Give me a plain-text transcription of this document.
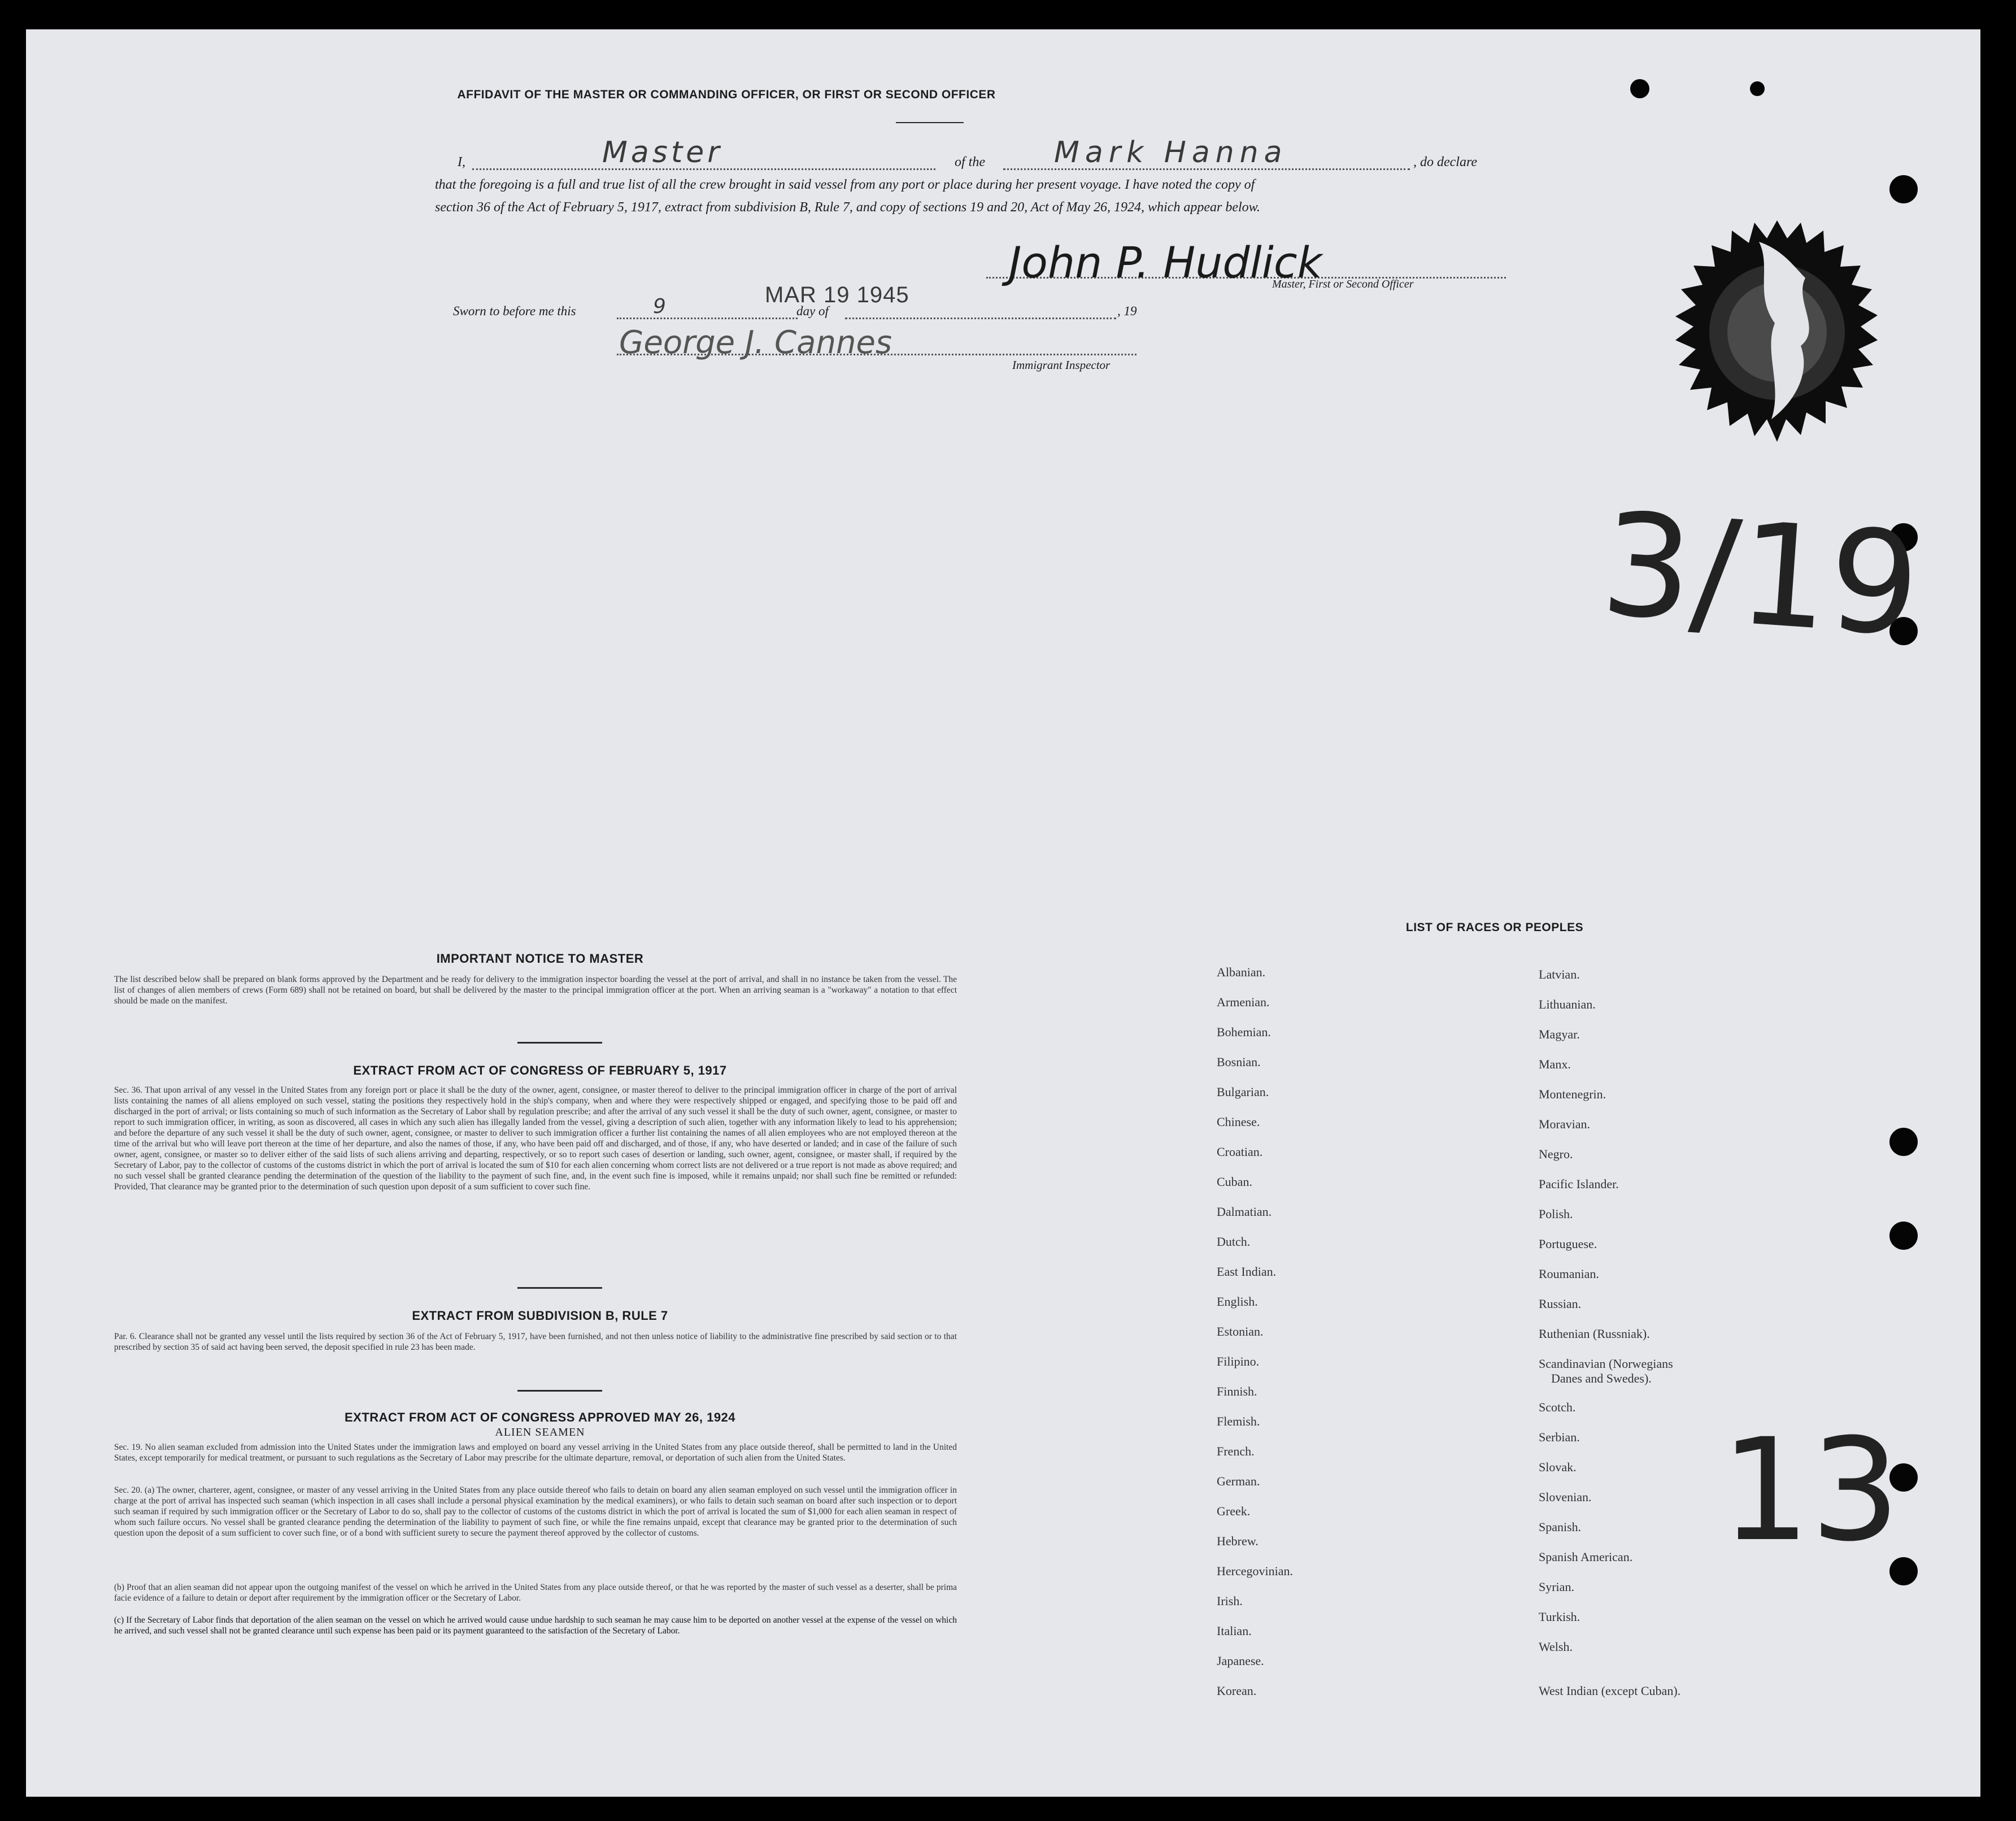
AFFIDAVIT OF THE MASTER OR COMMANDING OFFICER, OR FIRST OR SECOND OFFICER
I,	Master	of the Mark Hanna	, do declare
that the foregoing is a full and true list of all the crew brought in said vessel from any port or place during her present voyage. I have noted the copy of
section 36 of the Act of February 5, 1917, extract from subdivision B, Rule 7, and copy of sections 19 and 20, Act of May 26, 1924, which appear below.
John P. Hudlick
Master, First or Second Officer
Sworn to before me this	9	MAR 19 1945
day of	, 19
George J. Cannes
Immigrant Inspector
3/19
13
IMPORTANT NOTICE TO MASTER
The list described below shall be prepared on blank forms approved by the Department and be ready for delivery to the immigration inspector boarding the vessel at the port of arrival, and shall in no instance be taken from the vessel. The list of changes of alien members of crews (Form 689) shall not be retained on board, but shall be delivered by the master to the principal immigration officer at the port. When an arriving seaman is a "workaway" a notation to that effect should be made on the manifest.
EXTRACT FROM ACT OF CONGRESS OF FEBRUARY 5, 1917
Sec. 36. That upon arrival of any vessel in the United States from any foreign port or place it shall be the duty of the owner, agent, consignee, or master thereof to deliver to the principal immigration officer in charge of the port of arrival lists containing the names of all aliens employed on such vessel, stating the positions they respectively hold in the ship's company, when and where they were respectively shipped or engaged, and specifying those to be paid off and discharged in the port of arrival; or lists containing so much of such information as the Secretary of Labor shall by regulation prescribe; and after the arrival of any such vessel it shall be the duty of such owner, agent, consignee, or master to report to such immigration officer, in writing, as soon as discovered, all cases in which any such alien has illegally landed from the vessel, giving a description of such alien, together with any information likely to lead to his apprehension; and before the departure of any such vessel it shall be the duty of such owner, agent, consignee, or master to deliver to such immigration officer a further list containing the names of all alien employees who are not employed thereon at the time of the arrival but who will leave port thereon at the time of her departure, and also the names of those, if any, who have been paid off and discharged, and of those, if any, who have deserted or landed; and in case of the failure of such owner, agent, consignee, or master so to deliver either of the said lists of such aliens arriving and departing, respectively, or so to report such cases of desertion or landing, such owner, agent, consignee, or master shall, if required by the Secretary of Labor, pay to the collector of customs of the customs district in which the port of arrival is located the sum of $10 for each alien concerning whom correct lists are not delivered or a true report is not made as above required; and no such vessel shall be granted clearance pending the determination of the question of the liability to the payment of such fine, and, in the event such fine is imposed, while it remains unpaid; nor shall such fine be remitted or refunded: Provided, That clearance may be granted prior to the determination of such question upon deposit of a sum sufficient to cover such fine.
EXTRACT FROM SUBDIVISION B, RULE 7
Par. 6. Clearance shall not be granted any vessel until the lists required by section 36 of the Act of February 5, 1917, have been furnished, and not then unless notice of liability to the administrative fine prescribed by said section or to that prescribed by section 35 of said act having been served, the deposit specified in rule 23 has been made.
EXTRACT FROM ACT OF CONGRESS APPROVED MAY 26, 1924
ALIEN SEAMEN
Sec. 19. No alien seaman excluded from admission into the United States under the immigration laws and employed on board any vessel arriving in the United States from any place outside thereof, shall be permitted to land in the United States, except temporarily for medical treatment, or pursuant to such regulations as the Secretary of Labor may prescribe for the ultimate departure, removal, or deportation of such alien from the United States.
Sec. 20. (a) The owner, charterer, agent, consignee, or master of any vessel arriving in the United States from any place outside thereof who fails to detain on board any alien seaman employed on such vessel until the immigration officer in charge at the port of arrival has inspected such seaman (which inspection in all cases shall include a personal physical examination by the medical examiners), or who fails to detain such seaman on board after such inspection or to deport such seaman if required by such immigration officer or the Secretary of Labor to do so, shall pay to the collector of customs of the customs district in which the port of arrival is located the sum of $1,000 for each alien seaman in respect of whom such failure occurs. No vessel shall be granted clearance pending the determination of the liability to payment of such fine, or while the fine remains unpaid, except that clearance may be granted prior to the determination of such question upon the deposit of a sum sufficient to cover such fine, or of a bond with sufficient surety to secure the payment thereof approved by the collector of customs.
(b) Proof that an alien seaman did not appear upon the outgoing manifest of the vessel on which he arrived in the United States from any place outside thereof, or that he was reported by the master of such vessel as a deserter, shall be prima facie evidence of a failure to detain or deport after requirement by the immigration officer or the Secretary of Labor.
(c) If the Secretary of Labor finds that deportation of the alien seaman on the vessel on which he arrived would cause undue hardship to such seaman he may cause him to be deported on another vessel at the expense of the vessel on which he arrived, and such vessel shall not be granted clearance until such expense has been paid or its payment guaranteed to the satisfaction of the Secretary of Labor.
LIST OF RACES OR PEOPLES
Albanian.
Armenian.
Bohemian.
Bosnian.
Bulgarian.
Chinese.
Croatian.
Cuban.
Dalmatian.
Dutch.
East Indian.
English.
Estonian.
Filipino.
Finnish.
Flemish.
French.
German.
Greek.
Hebrew.
Hercegovinian.
Irish.
Italian.
Japanese.
Korean.
Latvian.
Lithuanian.
Magyar.
Manx.
Montenegrin.
Moravian.
Negro.
Pacific Islander.
Polish.
Portuguese.
Roumanian.
Russian.
Ruthenian (Russniak).
Scandinavian (Norwegians
Danes and Swedes).
Scotch.
Serbian.
Slovak.
Slovenian.
Spanish.
Spanish American.
Syrian.
Turkish.
Welsh.
West Indian (except Cuban).
